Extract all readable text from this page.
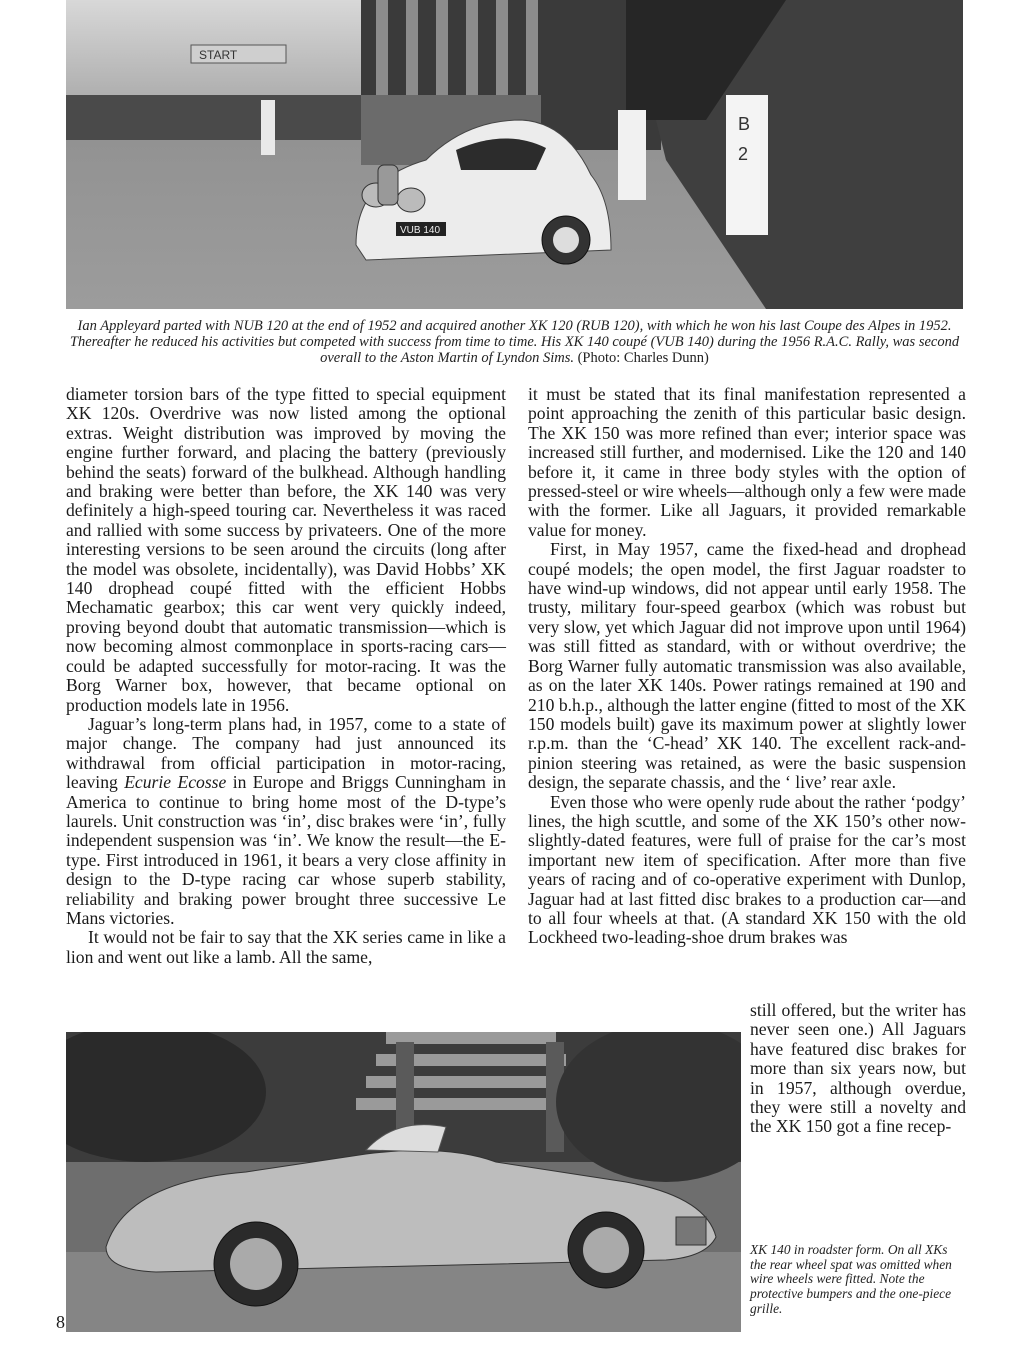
START
B
2
VUB 140
Ian Appleyard parted with NUB 120 at the end of 1952 and acquired another XK 120 (RUB 120), with which he won his last Coupe des Alpes in 1952. Thereafter he reduced his activities but competed with success from time to time. His XK 140 coupé (VUB 140) during the 1956 R.A.C. Rally, was second overall to the Aston Martin of Lyndon Sims. (Photo: Charles Dunn)

diameter torsion bars of the type fitted to special equipment XK 120s. Overdrive was now listed among the optional extras. Weight distribution was improved by moving the engine further forward, and placing the battery (previously behind the seats) forward of the bulkhead. Although handling and braking were better than before, the XK 140 was very definitely a high-speed touring car. Nevertheless it was raced and rallied with some success by privateers. One of the more interesting versions to be seen around the circuits (long after the model was obsolete, incidentally), was David Hobbs’ XK 140 drophead coupé fitted with the efficient Hobbs Mechamatic gearbox; this car went very quickly indeed, proving beyond doubt that automatic transmission—which is now becoming almost commonplace in sports-racing cars—could be adapted successfully for motor-racing. It was the Borg Warner box, however, that became optional on production models late in 1956.

Jaguar’s long-term plans had, in 1957, come to a state of major change. The company had just announced its withdrawal from official participation in motor-racing, leaving Ecurie Ecosse in Europe and Briggs Cunningham in America to continue to bring home most of the D-type’s laurels. Unit construction was ‘in’, disc brakes were ‘in’, fully independent suspension was ‘in’. We know the result—the E-type. First introduced in 1961, it bears a very close affinity in design to the D-type racing car whose superb stability, reliability and braking power brought three successive Le Mans victories.

It would not be fair to say that the XK series came in like a lion and went out like a lamb. All the same,

it must be stated that its final manifestation represented a point approaching the zenith of this particular basic design. The XK 150 was more refined than ever; interior space was increased still further, and modernised. Like the 120 and 140 before it, it came in three body styles with the option of pressed-steel or wire wheels—although only a few were made with the former. Like all Jaguars, it provided remarkable value for money.

First, in May 1957, came the fixed-head and drophead coupé models; the open model, the first Jaguar roadster to have wind-up windows, did not appear until early 1958. The trusty, military four-speed gearbox (which was robust but very slow, yet which Jaguar did not improve upon until 1964) was still fitted as standard, with or without overdrive; the Borg Warner fully automatic transmission was also available, as on the later XK 140s. Power ratings remained at 190 and 210 b.h.p., although the latter engine (fitted to most of the XK 150 models built) gave its maximum power at slightly lower r.p.m. than the ‘C-head’ XK 140. The excellent rack-and-pinion steering was retained, as were the basic suspension design, the separate chassis, and the ‘ live’ rear axle.

Even those who were openly rude about the rather ‘podgy’ lines, the high scuttle, and some of the XK 150’s other now-slightly-dated features, were full of praise for the car’s most important new item of specification. After more than five years of racing and of co-operative experiment with Dunlop, Jaguar had at last fitted disc brakes to a production car—and to all four wheels at that. (A standard XK 150 with the old Lockheed two-leading-shoe drum brakes was

still offered, but the writer has never seen one.) All Jaguars have featured disc brakes for more than six years now, but in 1957, although overdue, they were still a novelty and the XK 150 got a fine recep-

XK 140 in roadster form. On all XKs the rear wheel spat was omitted when wire wheels were fitted. Note the protective bumpers and the one-piece grille.
8
